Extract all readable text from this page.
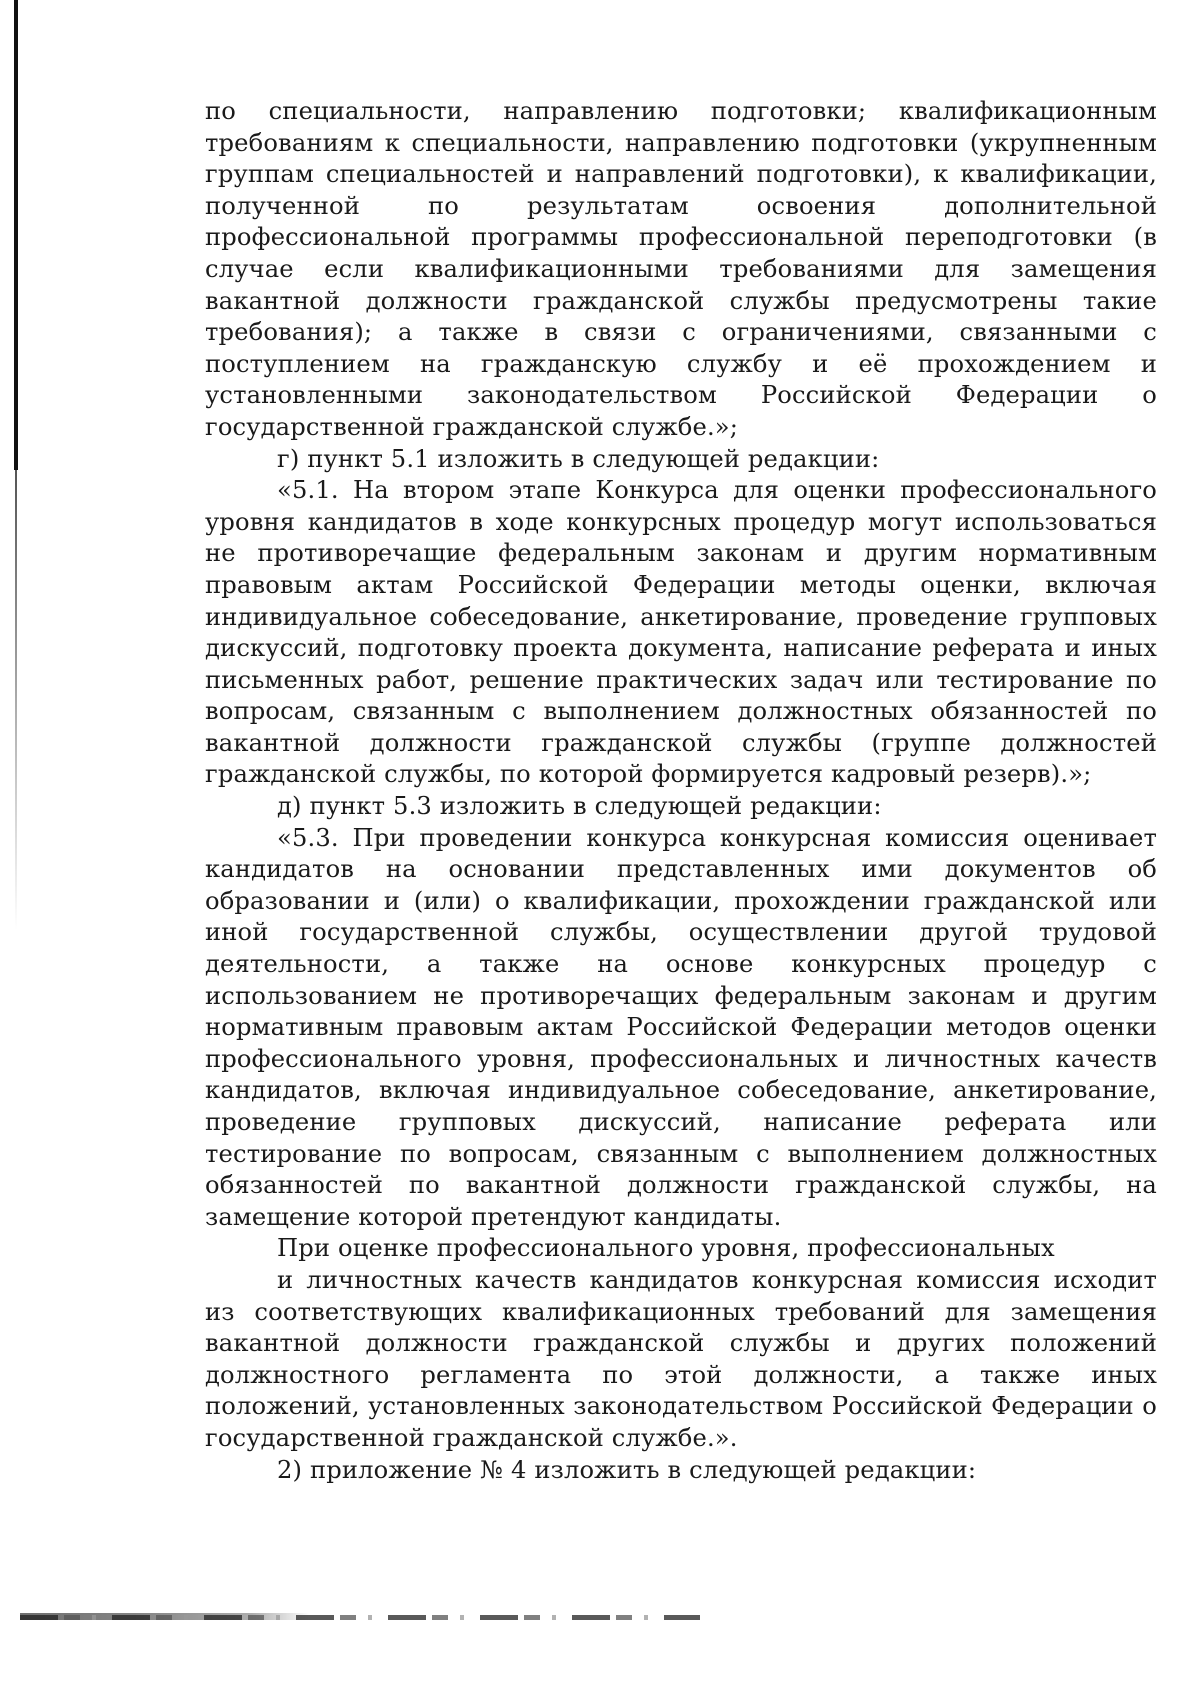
по специальности, направлению подготовки; квалификационным требованиям к специальности, направлению подготовки (укрупненным группам специальностей и направлений подготовки), к квалификации, полученной по результатам освоения дополнительной профессиональной программы профессиональной переподготовки (в случае если квалификационными требованиями для замещения вакантной должности гражданской службы предусмотрены такие требования); а также в связи с ограничениями, связанными с поступлением на гражданскую службу и её прохождением и установленными законодательством Российской Федерации о государственной гражданской службе.»;

г) пункт 5.1 изложить в следующей редакции:

«5.1. На втором этапе Конкурса для оценки профессионального уровня кандидатов в ходе конкурсных процедур могут использоваться не противоречащие федеральным законам и другим нормативным правовым актам Российской Федерации методы оценки, включая индивидуальное собеседование, анкетирование, проведение групповых дискуссий, подготовку проекта документа, написание реферата и иных письменных работ, решение практических задач или тестирование по вопросам, связанным с выполнением должностных обязанностей по вакантной должности гражданской службы (группе должностей гражданской службы, по которой формируется кадровый резерв).»;

д) пункт 5.3 изложить в следующей редакции:

«5.3. При проведении конкурса конкурсная комиссия оценивает кандидатов на основании представленных ими документов об образовании и (или) о квалификации, прохождении гражданской или иной государственной службы, осуществлении другой трудовой деятельности, а также на основе конкурсных процедур с использованием не противоречащих федеральным законам и другим нормативным правовым актам Российской Федерации методов оценки профессионального уровня, профессиональных и личностных качеств кандидатов, включая индивидуальное собеседование, анкетирование, проведение групповых дискуссий, написание реферата или тестирование по вопросам, связанным с выполнением должностных обязанностей по вакантной должности гражданской службы, на замещение которой претендуют кандидаты.

При оценке профессионального уровня, профессиональных

и личностных качеств кандидатов конкурсная комиссия исходит из соответствующих квалификационных требований для замещения вакантной должности гражданской службы и других положений должностного регламента по этой должности, а также иных положений, установленных законодательством Российской Федерации о государственной гражданской службе.».

2) приложение № 4 изложить в следующей редакции:
